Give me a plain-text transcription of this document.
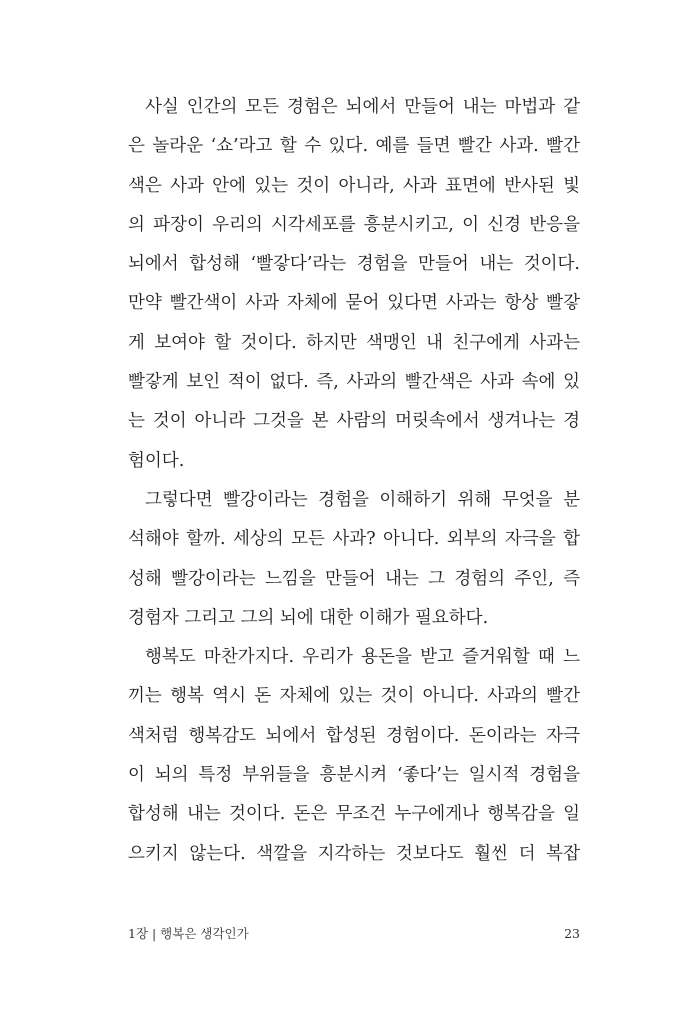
사실 인간의 모든 경험은 뇌에서 만들어 내는 마법과 같
은 놀라운 ‘쇼’라고 할 수 있다. 예를 들면 빨간 사과. 빨간
색은 사과 안에 있는 것이 아니라, 사과 표면에 반사된 빛
의 파장이 우리의 시각세포를 흥분시키고, 이 신경 반응을
뇌에서 합성해 ‘빨갛다’라는 경험을 만들어 내는 것이다.
만약 빨간색이 사과 자체에 묻어 있다면 사과는 항상 빨갛
게 보여야 할 것이다. 하지만 색맹인 내 친구에게 사과는
빨갛게 보인 적이 없다. 즉, 사과의 빨간색은 사과 속에 있
는 것이 아니라 그것을 본 사람의 머릿속에서 생겨나는 경
험이다.
그렇다면 빨강이라는 경험을 이해하기 위해 무엇을 분
석해야 할까. 세상의 모든 사과? 아니다. 외부의 자극을 합
성해 빨강이라는 느낌을 만들어 내는 그 경험의 주인, 즉
경험자 그리고 그의 뇌에 대한 이해가 필요하다.
행복도 마찬가지다. 우리가 용돈을 받고 즐거워할 때 느
끼는 행복 역시 돈 자체에 있는 것이 아니다. 사과의 빨간
색처럼 행복감도 뇌에서 합성된 경험이다. 돈이라는 자극
이 뇌의 특정 부위들을 흥분시켜 ‘좋다’는 일시적 경험을
합성해 내는 것이다. 돈은 무조건 누구에게나 행복감을 일
으키지 않는다. 색깔을 지각하는 것보다도 훨씬 더 복잡
1장 | 행복은 생각인가	23
